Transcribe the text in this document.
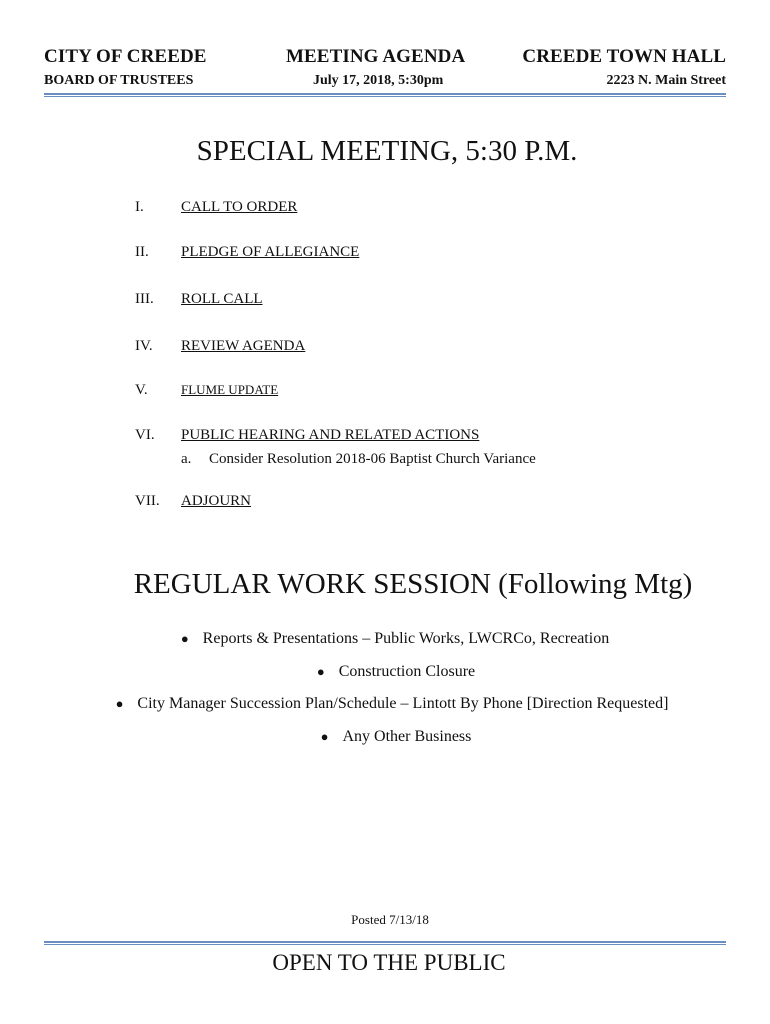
CITY OF CREEDE	MEETING AGENDA	CREEDE TOWN HALL
BOARD OF TRUSTEES	July 17, 2018, 5:30pm	2223 N. Main Street
SPECIAL MEETING, 5:30 P.M.
I. CALL TO ORDER
II. PLEDGE OF ALLEGIANCE
III. ROLL CALL
IV. REVIEW AGENDA
V.	FLUME UPDATE
VI. PUBLIC HEARING AND RELATED ACTIONS
a. Consider Resolution 2018-06 Baptist Church Variance
VII. ADJOURN
REGULAR WORK SESSION (Following Mtg)
● Reports & Presentations – Public Works, LWCRCo, Recreation
● Construction Closure
● City Manager Succession Plan/Schedule – Lintott By Phone [Direction Requested]
● Any Other Business
Posted 7/13/18
OPEN TO THE PUBLIC
